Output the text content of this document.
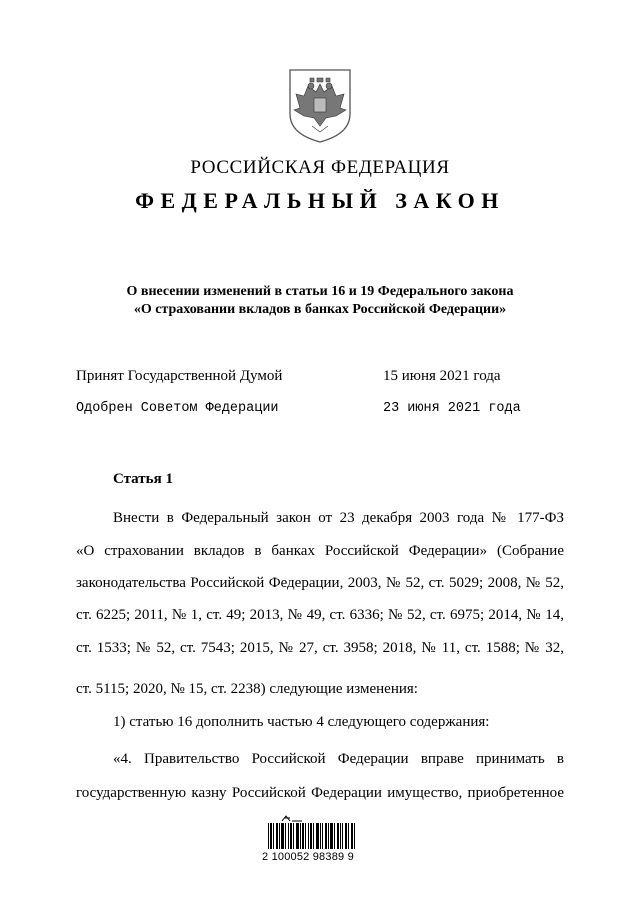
РОССИЙСКАЯ ФЕДЕРАЦИЯ
ФЕДЕРАЛЬНЫЙ ЗАКОН
О внесении изменений в статьи 16 и 19 Федерального закона
«О страховании вкладов в банках Российской Федерации»
Принят Государственной Думой	15 июня 2021 года
Одобрен Советом Федерации	23 июня 2021 года
Статья 1
Внести в Федеральный закон от 23 декабря 2003 года № 177-ФЗ
«О страховании вкладов в банках Российской Федерации» (Собрание
законодательства Российской Федерации, 2003, № 52, ст. 5029; 2008, № 52,
ст. 6225; 2011, № 1, ст. 49; 2013, № 49, ст. 6336; № 52, ст. 6975; 2014, № 14,
ст. 1533; № 52, ст. 7543; 2015, № 27, ст. 3958; 2018, № 11, ст. 1588; № 32,
ст. 5115; 2020, № 15, ст. 2238) следующие изменения:
1) статью 16 дополнить частью 4 следующего содержания:
«4. Правительство Российской Федерации вправе принимать в
государственную казну Российской Федерации имущество, приобретенное
2 100052 98389 9
